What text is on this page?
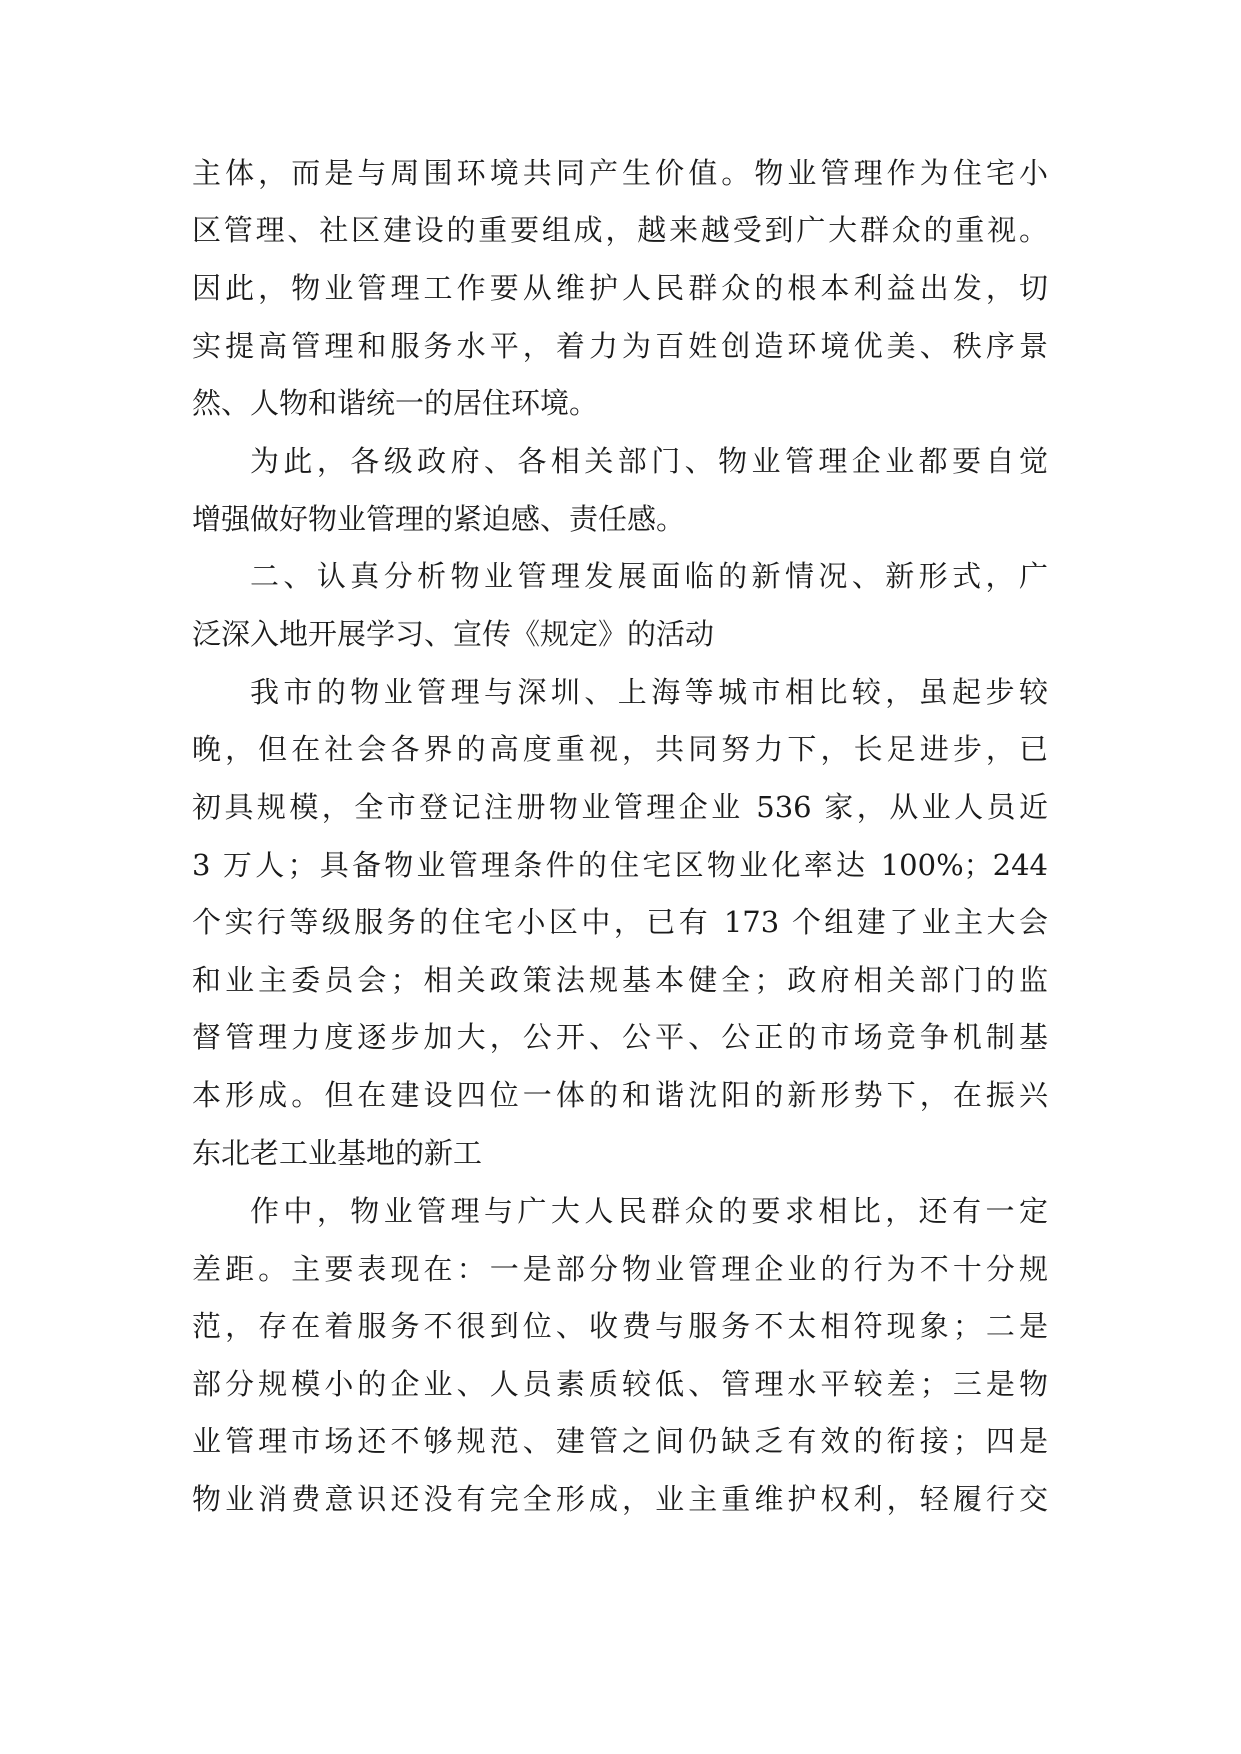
主体，而是与周围环境共同产生价值。物业管理作为住宅小
区管理、社区建设的重要组成，越来越受到广大群众的重视。
因此，物业管理工作要从维护人民群众的根本利益出发，切
实提高管理和服务水平，着力为百姓创造环境优美、秩序景
然、人物和谐统一的居住环境。
为此，各级政府、各相关部门、物业管理企业都要自觉
增强做好物业管理的紧迫感、责任感。
二、认真分析物业管理发展面临的新情况、新形式，广
泛深入地开展学习、宣传《规定》的活动
我市的物业管理与深圳、上海等城市相比较，虽起步较
晚，但在社会各界的高度重视，共同努力下，长足进步，已
初具规模，全市登记注册物业管理企业 536 家，从业人员近
3 万人；具备物业管理条件的住宅区物业化率达 100%；244
个实行等级服务的住宅小区中，已有 173 个组建了业主大会
和业主委员会；相关政策法规基本健全；政府相关部门的监
督管理力度逐步加大，公开、公平、公正的市场竞争机制基
本形成。但在建设四位一体的和谐沈阳的新形势下，在振兴
东北老工业基地的新工
作中，物业管理与广大人民群众的要求相比，还有一定
差距。主要表现在：一是部分物业管理企业的行为不十分规
范，存在着服务不很到位、收费与服务不太相符现象；二是
部分规模小的企业、人员素质较低、管理水平较差；三是物
业管理市场还不够规范、建管之间仍缺乏有效的衔接；四是
物业消费意识还没有完全形成，业主重维护权利，轻履行交
